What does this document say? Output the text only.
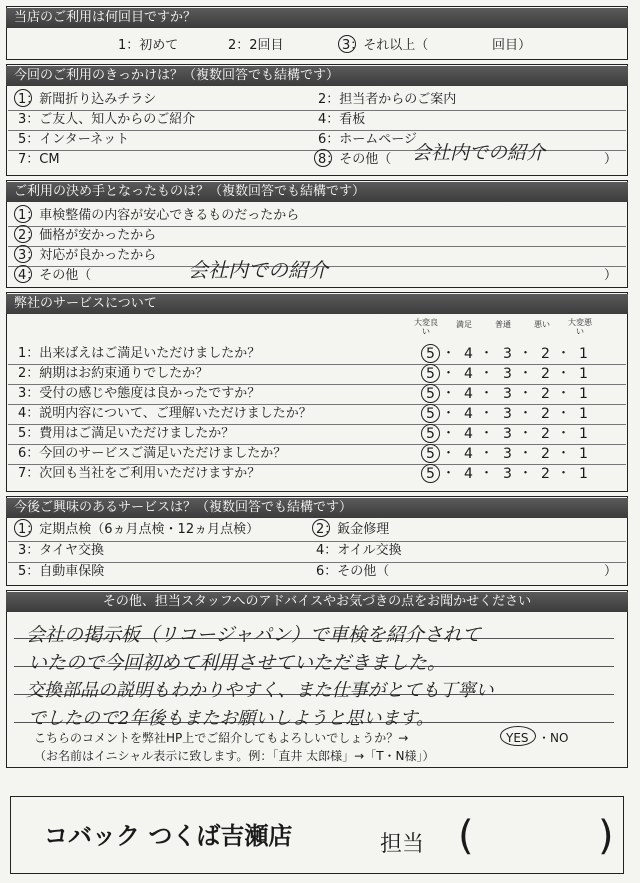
当店のご利用は何回目ですか？
1：初めて	2：2回目	3：それ以上（	回目）
今回のご利用のきっかけは？（複数回答でも結構です）
1：新聞折り込みチラシ	2：担当者からのご案内
3：ご友人、知人からのご紹介	4：看板
5：インターネット	6：ホームページ
7：CM	8：その他（ 会社内での紹介	）
ご利用の決め手となったものは？（複数回答でも結構です）
1：車検整備の内容が安心できるものだったから
2：価格が安かったから
3：対応が良かったから
4：その他（	会社内での紹介	）
弊社のサービスについて
大変良い
満足	普通	悪い	大変悪い
1：出来ばえはご満足いただけましたか？	5 ・ 4 ・ 3 ・ 2 ・ 1
2：納期はお約束通りでしたか？	5 ・ 4 ・ 3 ・ 2 ・ 1
3：受付の感じや態度は良かったですか？	5 ・ 4 ・ 3 ・ 2 ・ 1
4：説明内容について、ご理解いただけましたか？	5 ・ 4 ・ 3 ・ 2 ・ 1
5：費用はご満足いただけましたか？	5 ・ 4 ・ 3 ・ 2 ・ 1
6：今回のサービスご満足いただけましたか？	5 ・ 4 ・ 3 ・ 2 ・ 1
7：次回も当社をご利用いただけますか？	5 ・ 4 ・ 3 ・ 2 ・ 1
今後ご興味のあるサービスは？（複数回答でも結構です）
1：定期点検（6ヵ月点検・12ヵ月点検）	2：鈑金修理
3：タイヤ交換	4：オイル交換
5：自動車保険	6：その他（	）
その他、担当スタッフへのアドバイスやお気づきの点をお聞かせください
会社の掲示板（リコージャパン）で車検を紹介されて
いたので今回初めて利用させていただきました。
交換部品の説明もわかりやすく、また仕事がとても丁寧い
でしたので2年後もまたお願いしようと思います。
こちらのコメントを弊社HP上でご紹介してもよろしいでしょうか？→	YES ・NO
（お名前はイニシャル表示に致します。例：「直井 太郎様」→「T・N様」）
コバック つくば吉瀬店	担当 (	)
